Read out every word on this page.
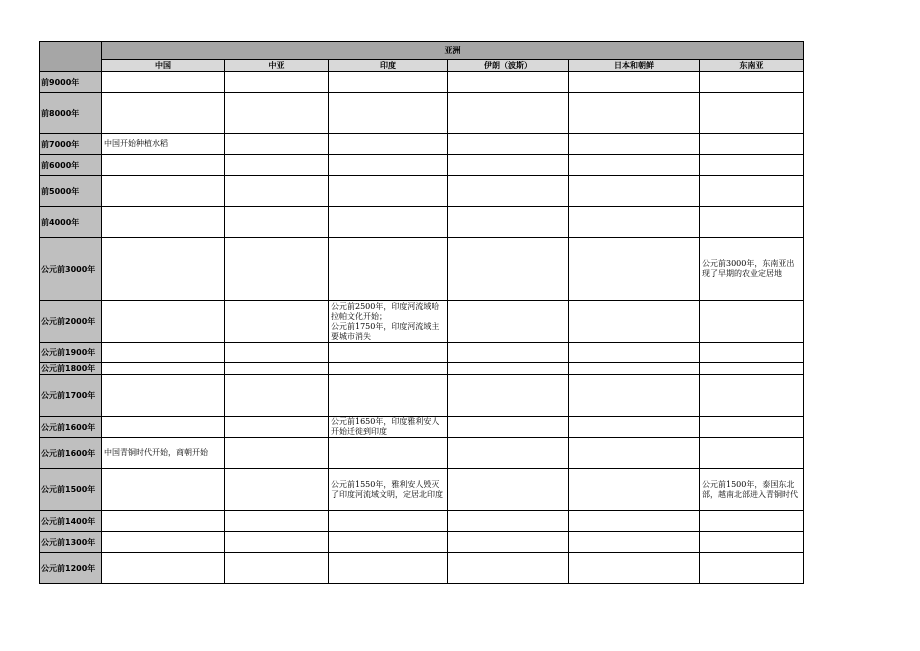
	亚洲					
	中国	中亚	印度	伊朗（波斯）	日本和朝鲜	东南亚
前9000年						
前8000年						
前7000年	中国开始种植水稻					
前6000年						
前5000年						
前4000年						
公元前3000年						公元前3000年，东南亚出现了早期的农业定居地
公元前2000年			公元前2500年，印度河流域哈拉帕文化开始；
公元前1750年，印度河流域主要城市消失			
公元前1900年						
公元前1800年						
公元前1700年						
公元前1600年			公元前1650年，印度雅利安人开始迁徙到印度			
公元前1600年	中国青铜时代开始，商朝开始					
公元前1500年			公元前1550年，雅利安人毁灭了印度河流域文明，定居北印度			公元前1500年，泰国东北部，越南北部进入青铜时代
公元前1400年						
公元前1300年						
公元前1200年						
